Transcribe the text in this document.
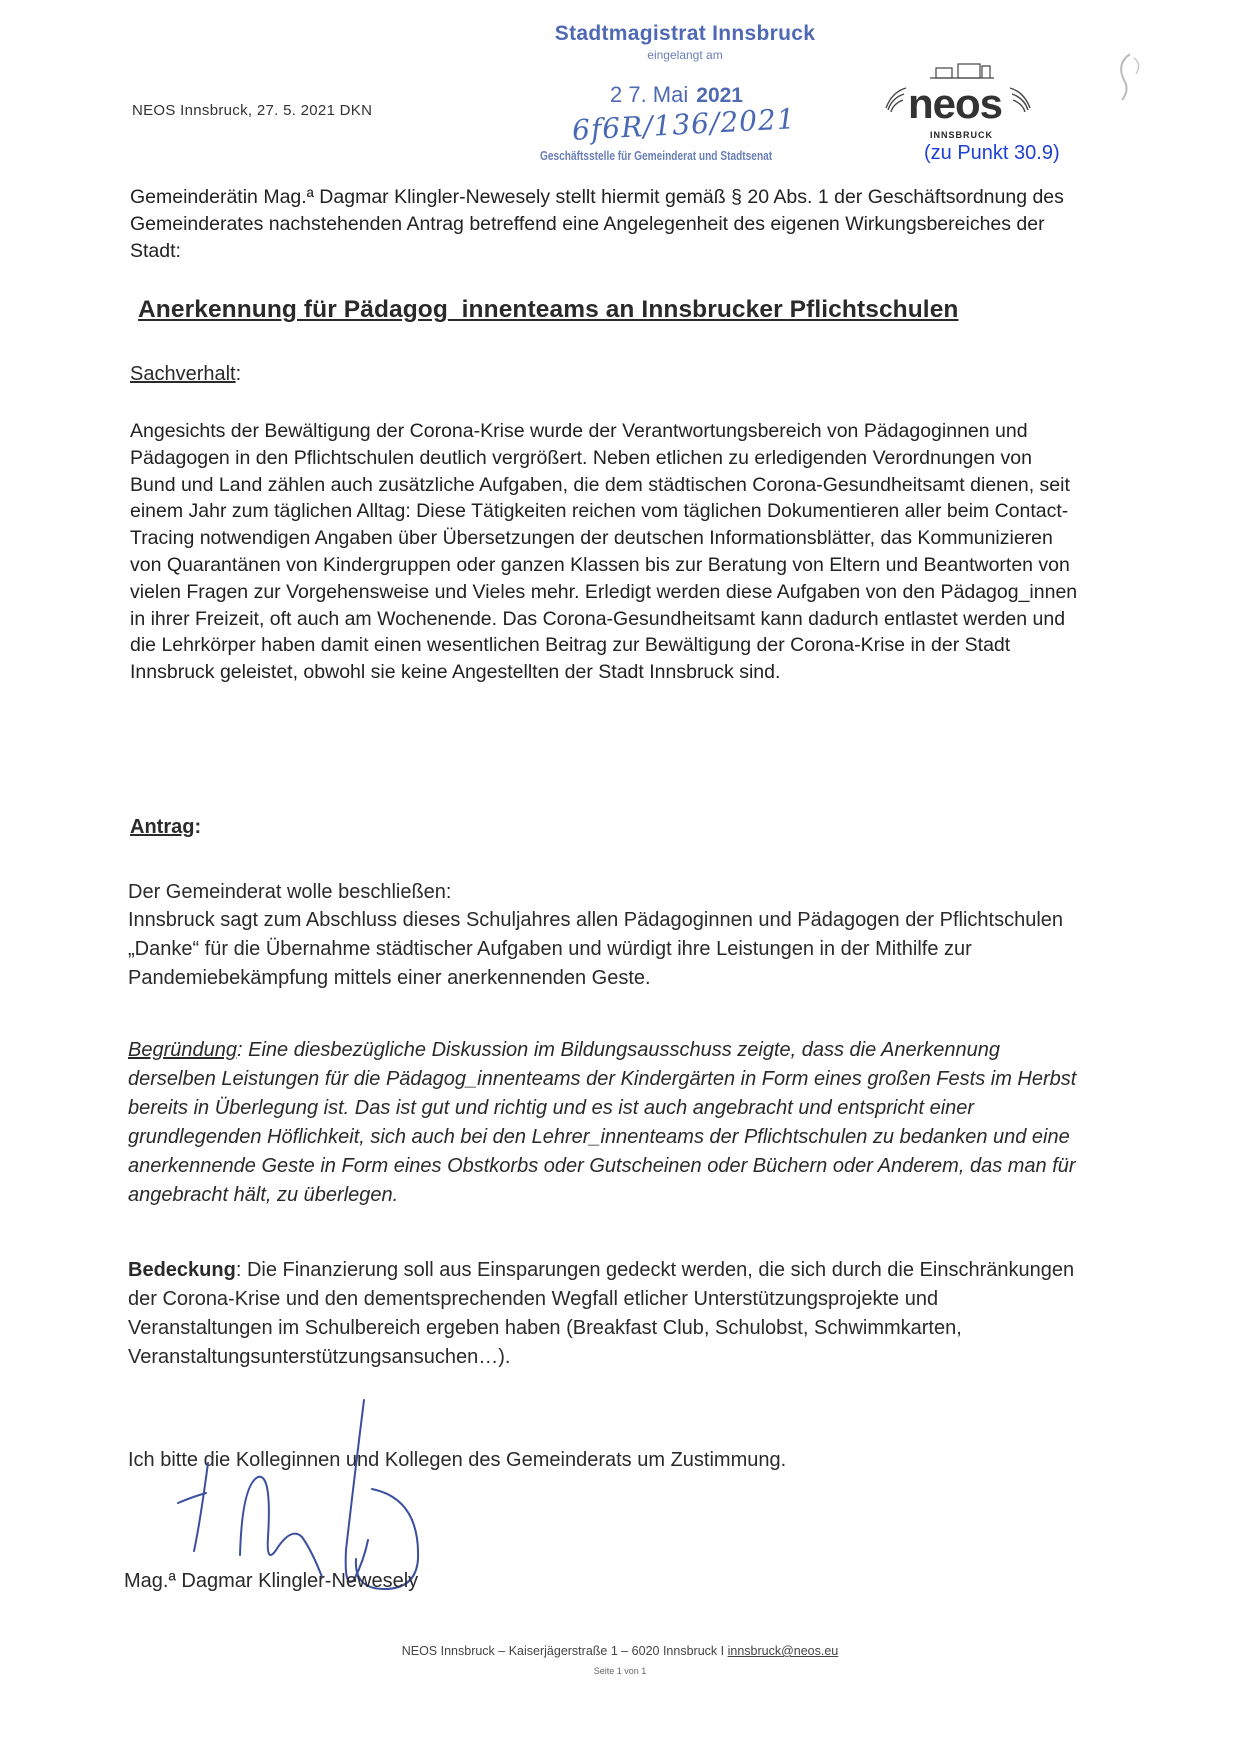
NEOS Innsbruck, 27. 5. 2021 DKN
Stadtmagistrat Innsbruck
eingelangt am
2 7. Mai 2021
6f6R/136/2021
Geschäftsstelle für Gemeinderat und Stadtsenat
neos
INNSBRUCK
(zu Punkt 30.9)

Gemeinderätin Mag.ª Dagmar Klingler-Newesely stellt hiermit gemäß § 20 Abs. 1 der Geschäftsordnung des Gemeinderates nachstehenden Antrag betreffend eine Angelegenheit des eigenen Wirkungsbereiches der Stadt:

Anerkennung für Pädagog_innenteams an Innsbrucker Pflichtschulen

Sachverhalt:

Angesichts der Bewältigung der Corona-Krise wurde der Verantwortungsbereich von Pädagoginnen und Pädagogen in den Pflichtschulen deutlich vergrößert. Neben etlichen zu erledigenden Verordnungen von Bund und Land zählen auch zusätzliche Aufgaben, die dem städtischen Corona-Gesundheitsamt dienen, seit einem Jahr zum täglichen Alltag: Diese Tätigkeiten reichen vom täglichen Dokumentieren aller beim Contact-Tracing notwendigen Angaben über Übersetzungen der deutschen Informationsblätter, das Kommunizieren von Quarantänen von Kindergruppen oder ganzen Klassen bis zur Beratung von Eltern und Beantworten von vielen Fragen zur Vorgehensweise und Vieles mehr. Erledigt werden diese Aufgaben von den Pädagog_innen in ihrer Freizeit, oft auch am Wochenende. Das Corona-Gesundheitsamt kann dadurch entlastet werden und die Lehrkörper haben damit einen wesentlichen Beitrag zur Bewältigung der Corona-Krise in der Stadt Innsbruck geleistet, obwohl sie keine Angestellten der Stadt Innsbruck sind.

Antrag:

Der Gemeinderat wolle beschließen:

Innsbruck sagt zum Abschluss dieses Schuljahres allen Pädagoginnen und Pädagogen der Pflichtschulen „Danke“ für die Übernahme städtischer Aufgaben und würdigt ihre Leistungen in der Mithilfe zur Pandemiebekämpfung mittels einer anerkennenden Geste.

Begründung: Eine diesbezügliche Diskussion im Bildungsausschuss zeigte, dass die Anerkennung derselben Leistungen für die Pädagog_innenteams der Kindergärten in Form eines großen Fests im Herbst bereits in Überlegung ist. Das ist gut und richtig und es ist auch angebracht und entspricht einer grundlegenden Höflichkeit, sich auch bei den Lehrer_innenteams der Pflichtschulen zu bedanken und eine anerkennende Geste in Form eines Obstkorbs oder Gutscheinen oder Büchern oder Anderem, das man für angebracht hält, zu überlegen.

Bedeckung: Die Finanzierung soll aus Einsparungen gedeckt werden, die sich durch die Einschränkungen der Corona-Krise und den dementsprechenden Wegfall etlicher Unterstützungsprojekte und Veranstaltungen im Schulbereich ergeben haben (Breakfast Club, Schulobst, Schwimmkarten, Veranstaltungsunterstützungsansuchen…).

Ich bitte die Kolleginnen und Kollegen des Gemeinderats um Zustimmung.

Mag.ª Dagmar Klingler-Newesely
NEOS Innsbruck – Kaiserjägerstraße 1 – 6020 Innsbruck I innsbruck@neos.eu
Seite 1 von 1
